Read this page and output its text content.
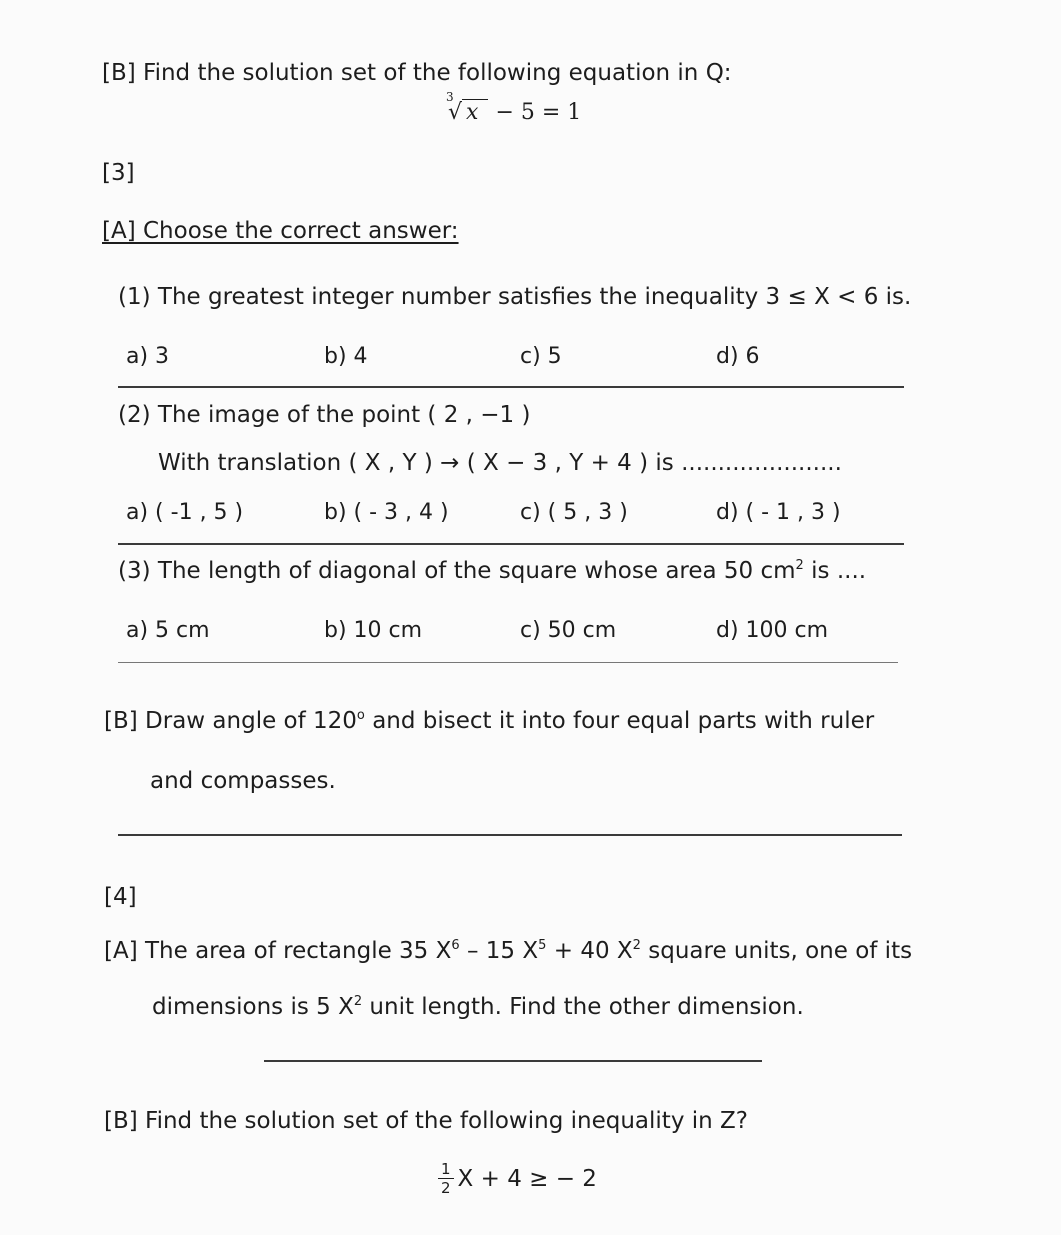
[B] Find the solution set of the following equation in Q:
3
√ x − 5 = 1
[3]
[A] Choose the correct answer:
(1) The greatest integer number satisfies the inequality 3 ≤ X < 6 is.
a) 3	b) 4	c) 5	d) 6
(2) The image of the point ( 2 , −1 )
With translation ( X , Y ) → ( X − 3 , Y + 4 ) is ......................
a) ( -1 , 5 )	b) ( - 3 , 4 )	c) ( 5 , 3 )	d) ( - 1 , 3 )
(3) The length of diagonal of the square whose area 50 $cm^2$ is ....
a) 5 cm	b) 10 cm	c) 50 cm	d) 100 cm
[B] Draw angle of 120$^o$ and bisect it into four equal parts with ruler
and compasses.
[4]
[A] The area of rectangle 35 $X^6 - 15$ $X^5 + 40$ $X^2$ square units, one of its
dimensions is 5 $X^2$ unit length. Find the other dimension.
[B] Find the solution set of the following inequality in Z?
$\frac{1}{2}$ X + 4 ≥ − 2
